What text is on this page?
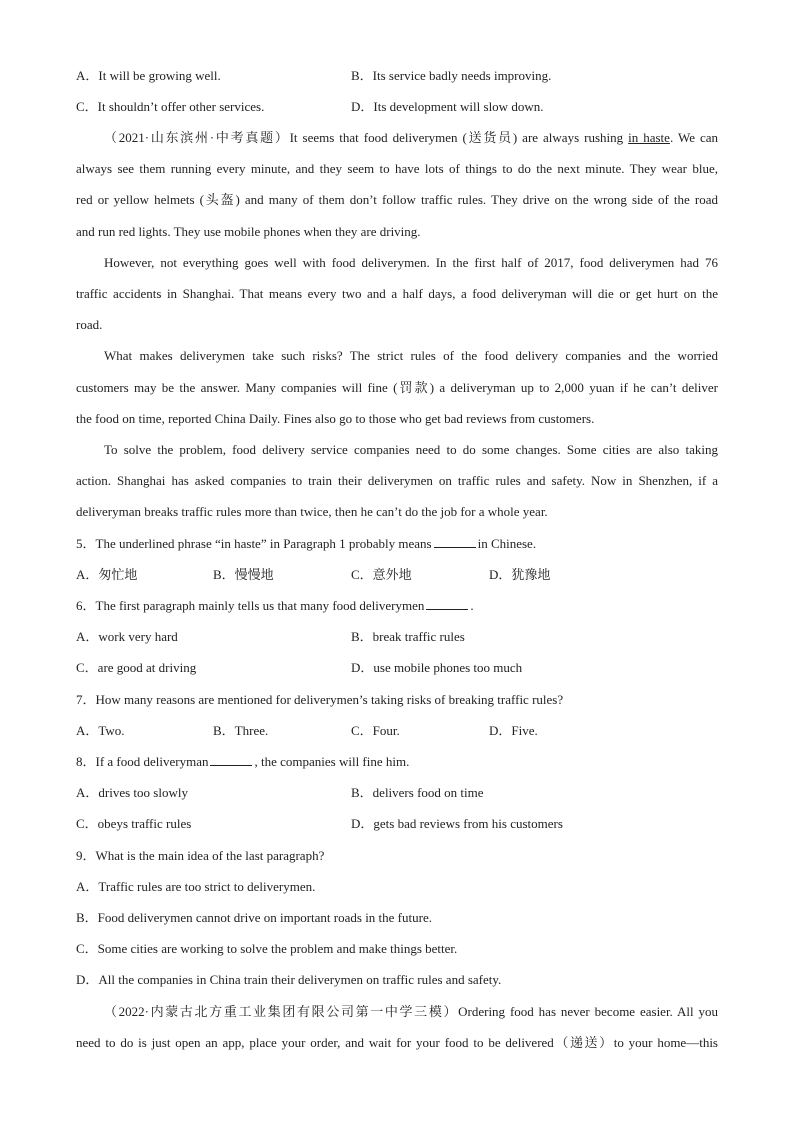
A．It will be growing well.	B．Its service badly needs improving.
C．It shouldn’t offer other services.	D．Its development will slow down.
（2021·山东滨州·中考真题）It seems that food deliverymen (送货员) are always rushing in haste. We can
always see them running every minute, and they seem to have lots of things to do the next minute. They wear blue,
red or yellow helmets (头盔) and many of them don’t follow traffic rules. They drive on the wrong side of the road
and run red lights. They use mobile phones when they are driving.
However, not everything goes well with food deliverymen. In the first half of 2017, food deliverymen had 76
traffic accidents in Shanghai. That means every two and a half days, a food deliveryman will die or get hurt on the
road.
What makes deliverymen take such risks? The strict rules of the food delivery companies and the worried
customers may be the answer. Many companies will fine (罚款) a deliveryman up to 2,000 yuan if he can’t deliver
the food on time, reported China Daily. Fines also go to those who get bad reviews from customers.
To solve the problem, food delivery service companies need to do some changes. Some cities are also taking
action. Shanghai has asked companies to train their deliverymen on traffic rules and safety. Now in Shenzhen, if a
deliveryman breaks traffic rules more than twice, then he can’t do the job for a whole year.
5．The underlined phrase “in haste” in Paragraph 1 probably means	in Chinese.
A．匆忙地	B．慢慢地	C．意外地	D．犹豫地
6．The first paragraph mainly tells us that many food deliverymen	.
A．work very hard	B．break traffic rules
C．are good at driving	D．use mobile phones too much
7．How many reasons are mentioned for deliverymen’s taking risks of breaking traffic rules?
A．Two.	B．Three.	C．Four.	D．Five.
8．If a food deliveryman	, the companies will fine him.
A．drives too slowly	B．delivers food on time
C．obeys traffic rules	D．gets bad reviews from his customers
9．What is the main idea of the last paragraph?
A．Traffic rules are too strict to deliverymen.
B．Food deliverymen cannot drive on important roads in the future.
C．Some cities are working to solve the problem and make things better.
D．All the companies in China train their deliverymen on traffic rules and safety.
（2022·内蒙古北方重工业集团有限公司第一中学三模）Ordering food has never become easier. All you
need to do is just open an app, place your order, and wait for your food to be delivered（递送）to your home—this
